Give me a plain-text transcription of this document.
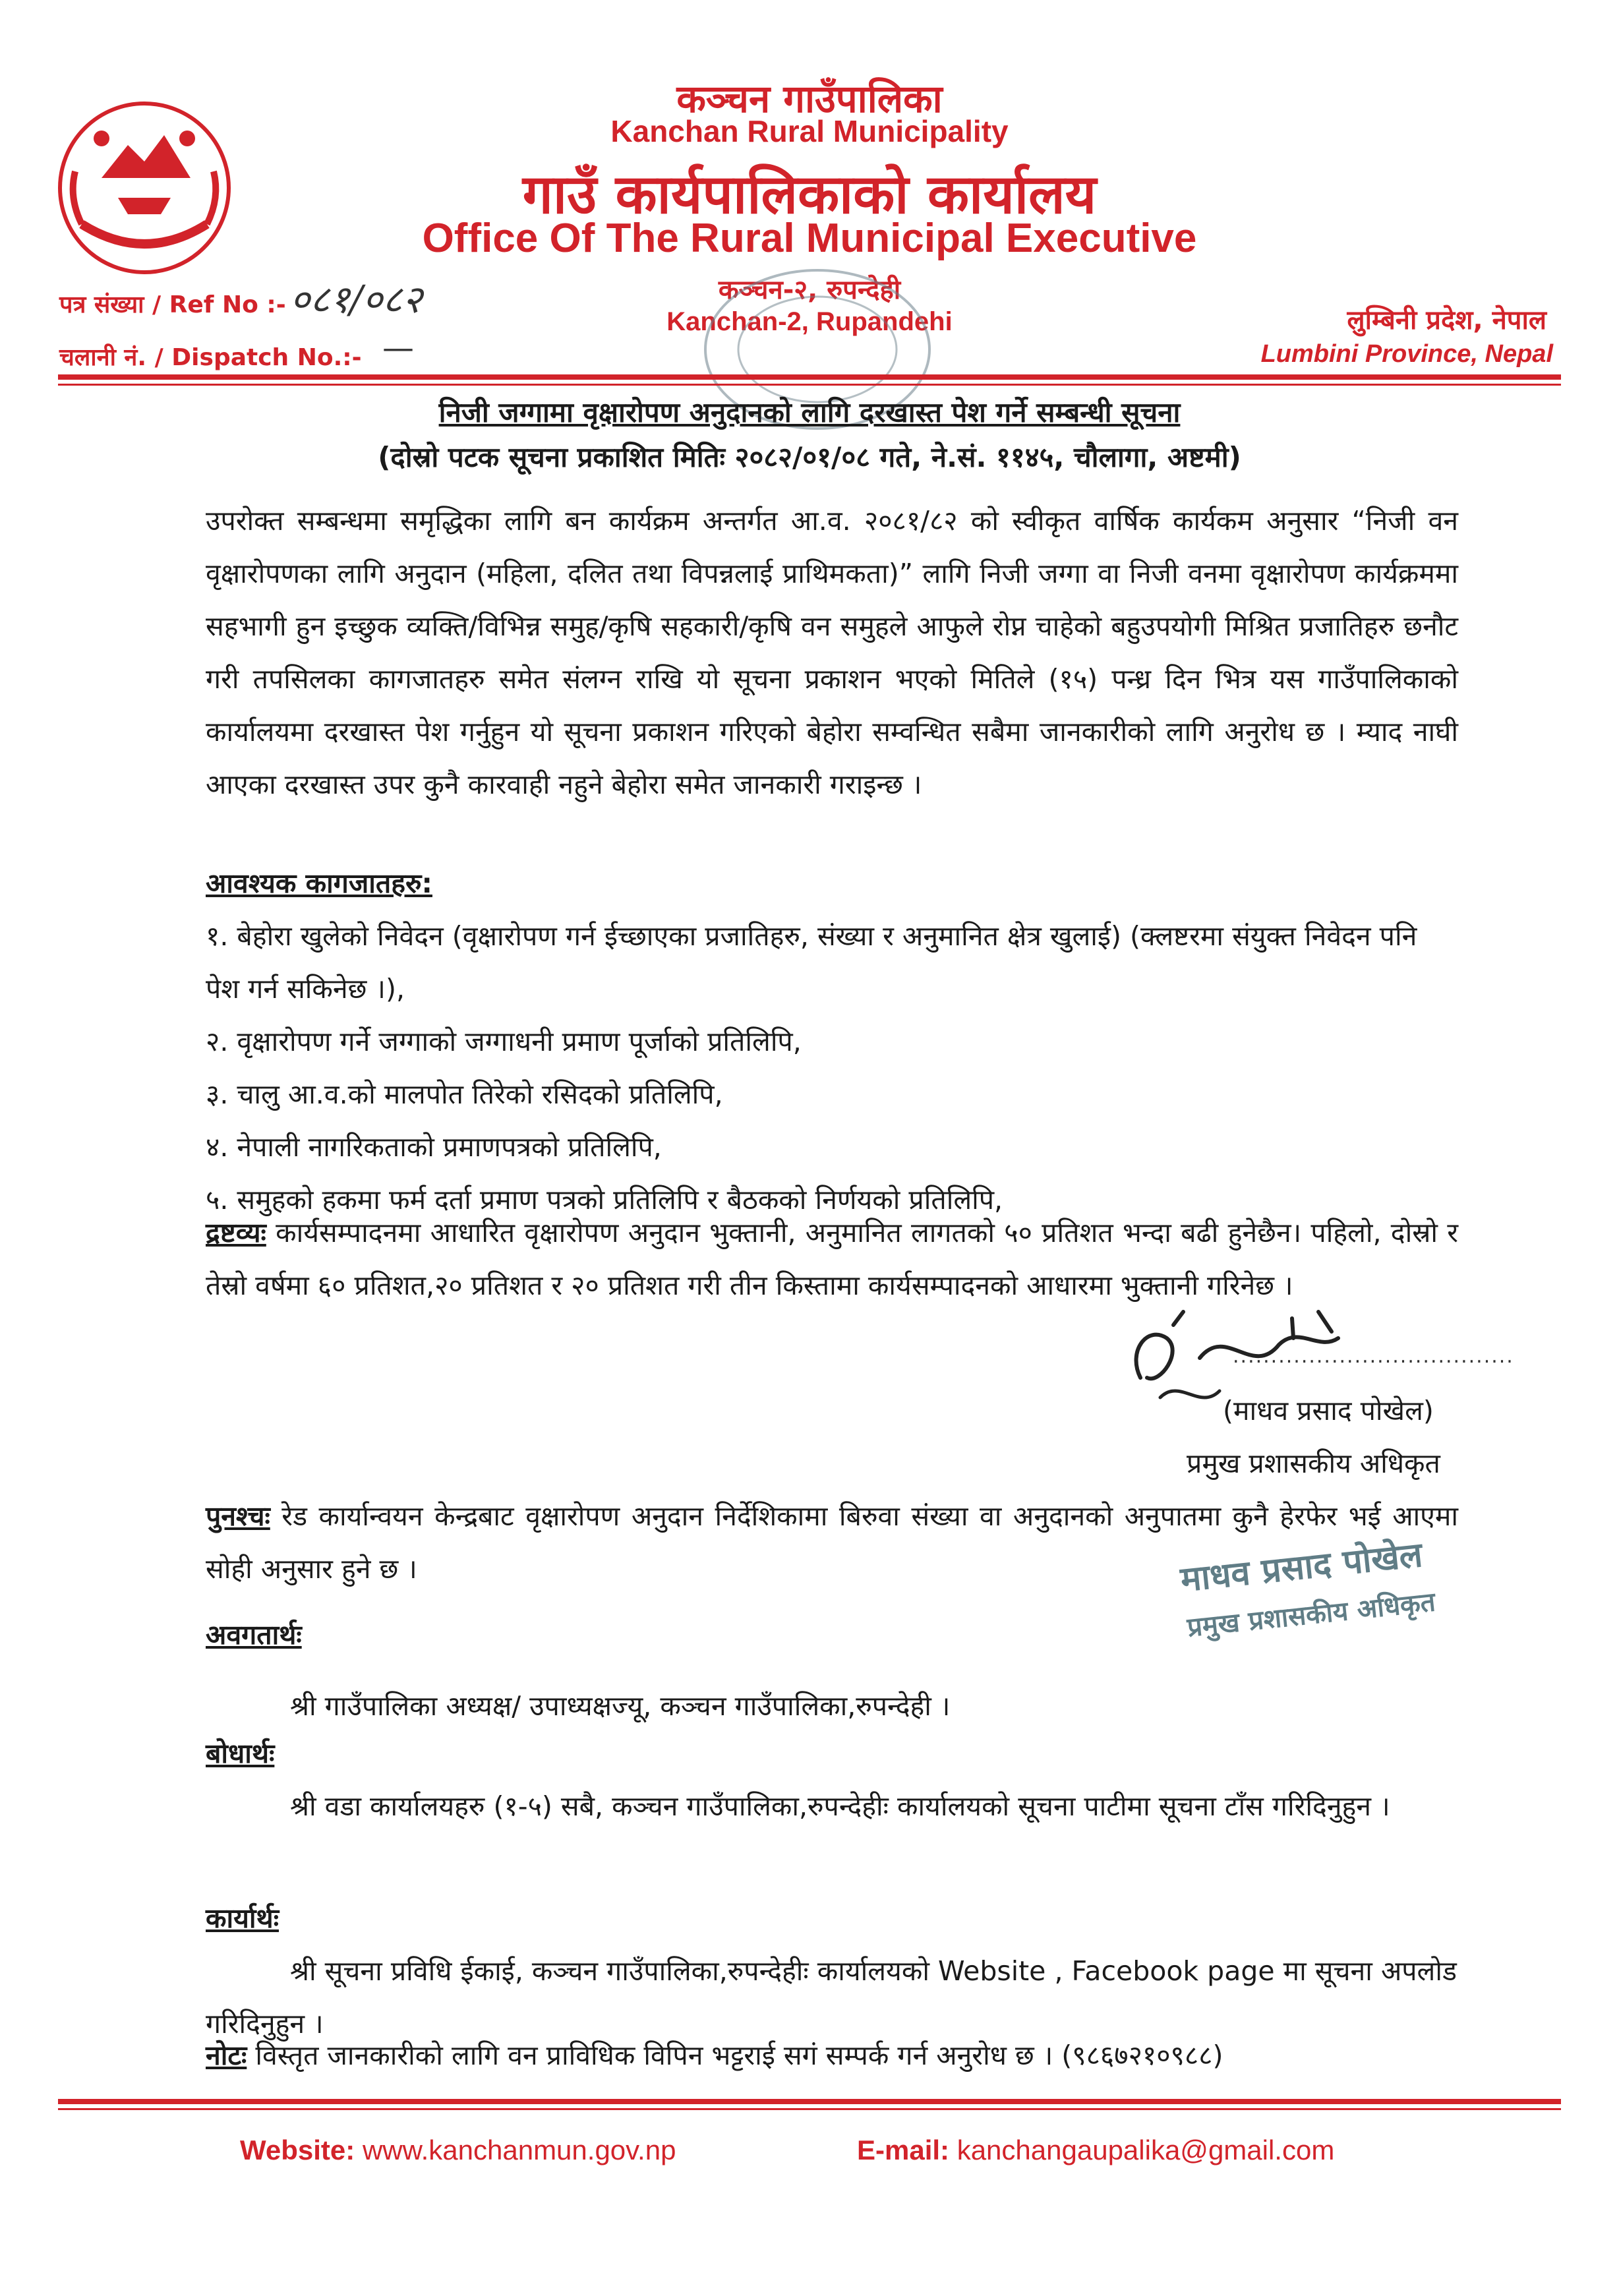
कञ्चन गाउँपालिका
Kanchan Rural Municipality
गाउँ कार्यपालिकाको कार्यालय
Office Of The Rural Municipal Executive
कञ्चन-२, रुपन्देही
Kanchan-2, Rupandehi
पत्र संख्या / Ref No :- ०८१/०८२
चलानी नं. / Dispatch No.:- —
लुम्बिनी प्रदेश, नेपाल
Lumbini Province, Nepal
निजी जग्गामा वृक्षारोपण अनुदानको लागि दरखास्त पेश गर्ने सम्बन्धी सूचना
(दोस्रो पटक सूचना प्रकाशित मितिः २०८२/०१/०८ गते, ने.सं. ११४५, चौलागा, अष्टमी)
उपरोक्त सम्बन्धमा समृद्धिका लागि बन कार्यक्रम अन्तर्गत आ.व. २०८१/८२ को स्वीकृत वार्षिक कार्यकम अनुसार “निजी वन वृक्षारोपणका लागि अनुदान (महिला, दलित तथा विपन्नलाई प्राथिमकता)” लागि निजी जग्गा वा निजी वनमा वृक्षारोपण कार्यक्रममा सहभागी हुन इच्छुक व्यक्ति/विभिन्न समुह/कृषि सहकारी/कृषि वन समुहले आफुले रोप्न चाहेको बहुउपयोगी मिश्रित प्रजातिहरु छनौट गरी तपसिलका कागजातहरु समेत संलग्न राखि यो सूचना प्रकाशन भएको मितिले (१५) पन्ध्र दिन भित्र यस गाउँपालिकाको कार्यालयमा दरखास्त पेश गर्नुहुन यो सूचना प्रकाशन गरिएको बेहोरा सम्वन्धित सबैमा जानकारीको लागि अनुरोध छ । म्याद नाघी आएका दरखास्त उपर कुनै कारवाही नहुने बेहोरा समेत जानकारी गराइन्छ ।
आवश्यक कागजातहरु:
१. बेहोरा खुलेको निवेदन (वृक्षारोपण गर्न ईच्छाएका प्रजातिहरु, संख्या र अनुमानित क्षेत्र खुलाई) (क्लष्टरमा संयुक्त निवेदन पनि पेश गर्न सकिनेछ ।),
२. वृक्षारोपण गर्ने जग्गाको जग्गाधनी प्रमाण पूर्जाको प्रतिलिपि,
३. चालु आ.व.को मालपोत तिरेको रसिदको प्रतिलिपि,
४. नेपाली नागरिकताको प्रमाणपत्रको प्रतिलिपि,
५. समुहको हकमा फर्म दर्ता प्रमाण पत्रको प्रतिलिपि र बैठकको निर्णयको प्रतिलिपि,
द्रष्टव्यः कार्यसम्पादनमा आधारित वृक्षारोपण अनुदान भुक्तानी, अनुमानित लागतको ५० प्रतिशत भन्दा बढी हुनेछैन। पहिलो, दोस्रो र तेस्रो वर्षमा ६० प्रतिशत,२० प्रतिशत र २० प्रतिशत गरी तीन किस्तामा कार्यसम्पादनको आधारमा भुक्तानी गरिनेछ ।
.....................................
(माधव प्रसाद पोखेल)
प्रमुख प्रशासकीय अधिकृत
पुनश्चः रेड कार्यान्वयन केन्द्रबाट वृक्षारोपण अनुदान निर्देशिकामा बिरुवा संख्या वा अनुदानको अनुपातमा कुनै हेरफेर भई आएमा सोही अनुसार हुने छ ।	माधव प्रसाद पोखेल
प्रमुख प्रशासकीय अधिकृत
अवगतार्थः
श्री गाउँपालिका अध्यक्ष/ उपाध्यक्षज्यू, कञ्चन गाउँपालिका,रुपन्देही ।
बोधार्थः
श्री वडा कार्यालयहरु (१-५) सबै, कञ्चन गाउँपालिका,रुपन्देहीः कार्यालयको सूचना पाटीमा सूचना टाँस गरिदिनुहुन ।
कार्यार्थः
श्री सूचना प्रविधि ईकाई, कञ्चन गाउँपालिका,रुपन्देहीः कार्यालयको Website , Facebook page मा सूचना अपलोड गरिदिनुहुन ।
नोटः विस्तृत जानकारीको लागि वन प्राविधिक विपिन भट्टराई सगं सम्पर्क गर्न अनुरोध छ । (९८६७२१०९८८)
Website: www.kanchanmun.gov.np	E-mail: kanchangaupalika@gmail.com
